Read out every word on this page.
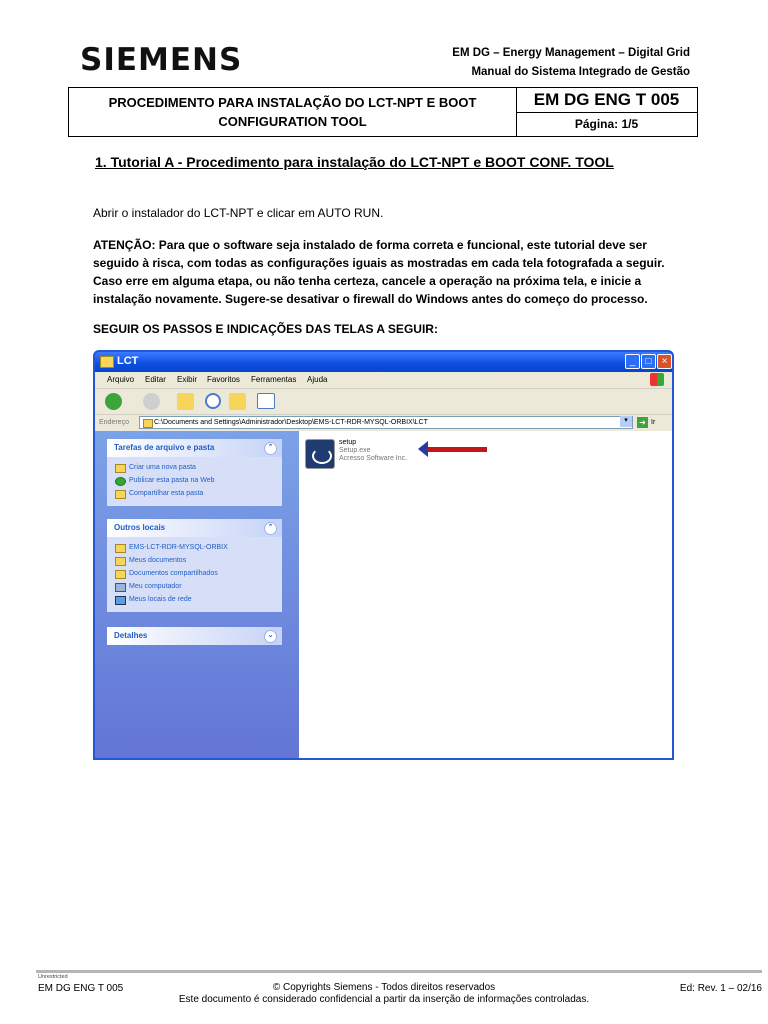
SIEMENS	EM DG – Energy Management – Digital Grid
Manual do Sistema Integrado de Gestão
PROCEDIMENTO PARA INSTALAÇÃO DO LCT-NPT E BOOT
CONFIGURATION TOOL
EM DG ENG T 005
Página: 1/5
1. Tutorial A - Procedimento para instalação do LCT-NPT e BOOT CONF. TOOL
Abrir o instalador do LCT-NPT e clicar em AUTO RUN.
ATENÇÃO: Para que o software seja instalado de forma correta e funcional, este tutorial deve ser seguido à risca, com todas as configurações iguais as mostradas em cada tela fotografada a seguir. Caso erre em alguma etapa, ou não tenha certeza, cancele a operação na próxima tela, e inicie a instalação novamente. Sugere-se desativar o firewall do Windows antes do começo do processo.
SEGUIR OS PASSOS E INDICAÇÕES DAS TELAS A SEGUIR:
LCT	_	□	×
Arquivo Editar Exibir Favoritos Ferramentas Ajuda
Endereço	C:\Documents and Settings\Administrador\Desktop\EMS-LCT-RDR-MYSQL-ORBIX\LCT	▾	➜ Ir
Tarefas de arquivo e pasta	⌃
Criar uma nova pasta
Publicar esta pasta na Web
Compartilhar esta pasta
Outros locais	⌃
EMS-LCT-RDR-MYSQL-ORBIX
Meus documentos
Documentos compartilhados
Meu computador
Meus locais de rede
Detalhes	⌄
setup
Setup.exe
Acresso Software Inc.
Unrestricted
EM DG ENG T 005	© Copyrights Siemens - Todos direitos reservados
Este documento é considerado confidencial a partir da inserção de informações controladas.
Ed: Rev. 1 – 02/16
